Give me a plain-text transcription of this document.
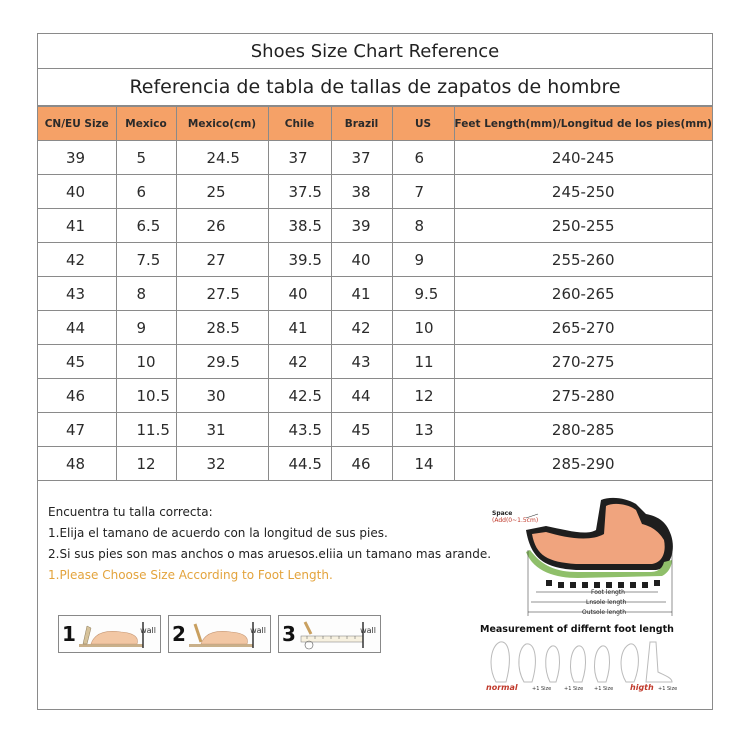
Shoes Size Chart Reference
Referencia de tabla de tallas de zapatos de hombre
CN/EU Size	Mexico	Mexico(cm)	Chile	Brazil	US	Feet Length(mm)/Longitud de los pies(mm)
39	5	24.5	37	37	6	240-245
40	6	25	37.5	38	7	245-250
41	6.5	26	38.5	39	8	250-255
42	7.5	27	39.5	40	9	255-260
43	8	27.5	40	41	9.5	260-265
44	9	28.5	41	42	10	265-270
45	10	29.5	42	43	11	270-275
46	10.5	30	42.5	44	12	275-280
47	11.5	31	43.5	45	13	280-285
48	12	32	44.5	46	14	285-290
Encuentra tu talla correcta:
1.Elija el tamano de acuerdo con la longitud de sus pies.
2.Si sus pies son mas anchos o mas aruesos.eliia un tamano mas arande.
1.Please Choose Size According to Foot Length.
1	wall 2	wall 3	wall
Space
(Add(0~1.5cm)
Foot length
Lnsole length
Outsole length
Measurement of differnt foot length
normal	+1 Size	+1 Size +1 Size higth +1 Size
